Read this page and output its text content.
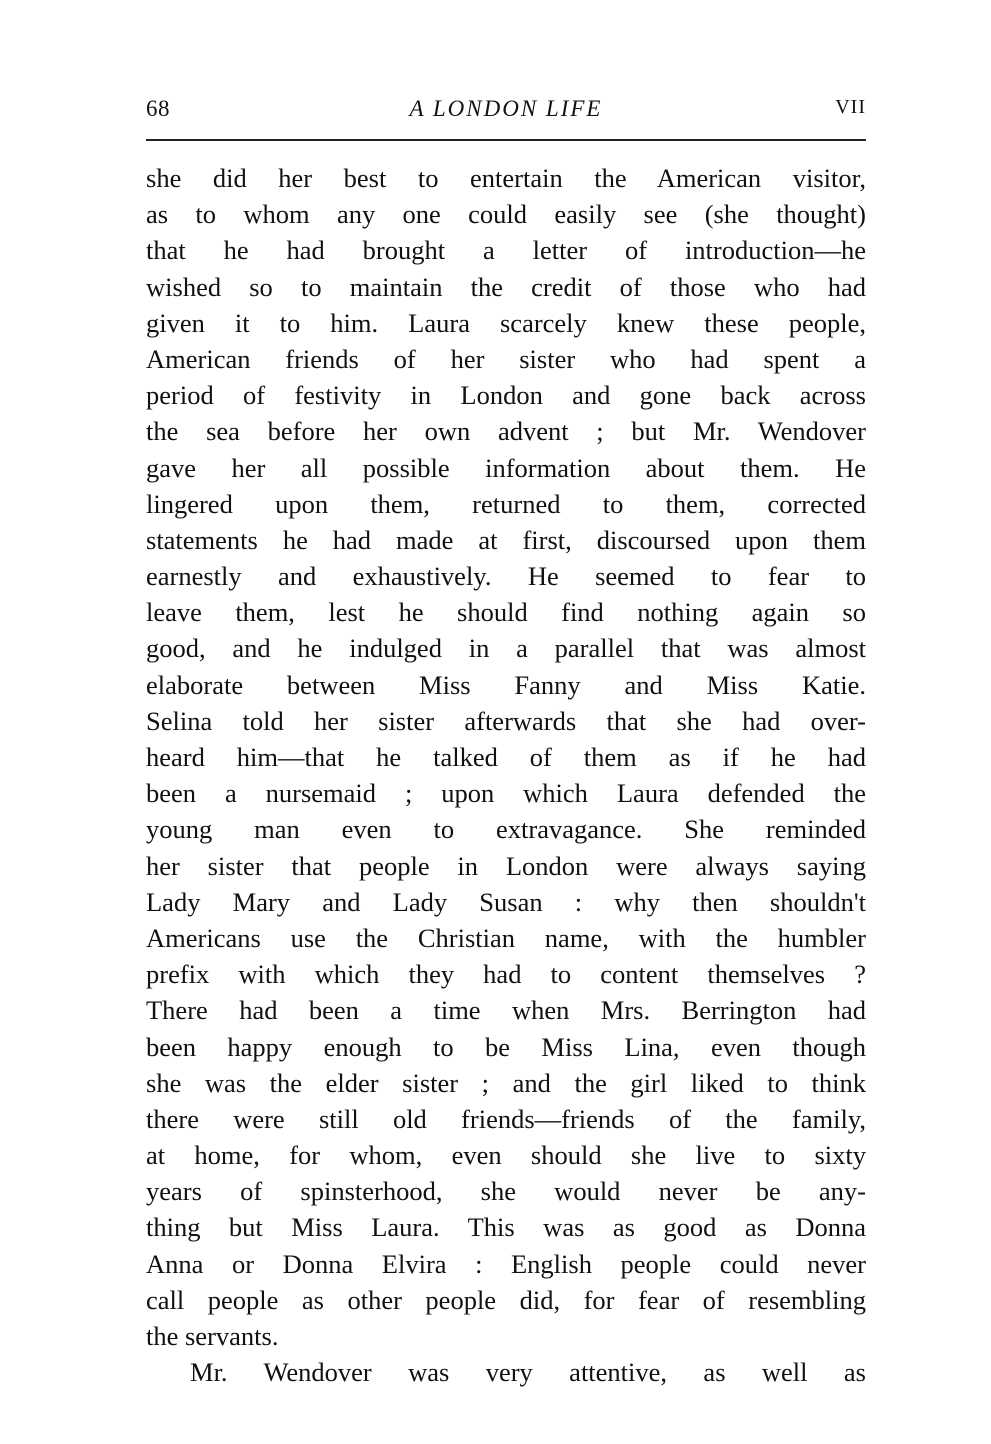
68	A LONDON LIFE	VII
she did her best to entertain the American visitor,
as to whom any one could easily see (she thought)
that he had brought a letter of introduction—he
wished so to maintain the credit of those who had
given it to him. Laura scarcely knew these people,
American friends of her sister who had spent a
period of festivity in London and gone back across
the sea before her own advent ; but Mr. Wendover
gave her all possible information about them. He
lingered upon them, returned to them, corrected
statements he had made at first, discoursed upon them
earnestly and exhaustively. He seemed to fear to
leave them, lest he should find nothing again so
good, and he indulged in a parallel that was almost
elaborate between Miss Fanny and Miss Katie.
Selina told her sister afterwards that she had over-
heard him—that he talked of them as if he had
been a nursemaid ; upon which Laura defended the
young man even to extravagance. She reminded
her sister that people in London were always saying
Lady Mary and Lady Susan : why then shouldn't
Americans use the Christian name, with the humbler
prefix with which they had to content themselves ?
There had been a time when Mrs. Berrington had
been happy enough to be Miss Lina, even though
she was the elder sister ; and the girl liked to think
there were still old friends—friends of the family,
at home, for whom, even should she live to sixty
years of spinsterhood, she would never be any-
thing but Miss Laura. This was as good as Donna
Anna or Donna Elvira : English people could never
call people as other people did, for fear of resembling
the servants.
Mr. Wendover was very attentive, as well as
